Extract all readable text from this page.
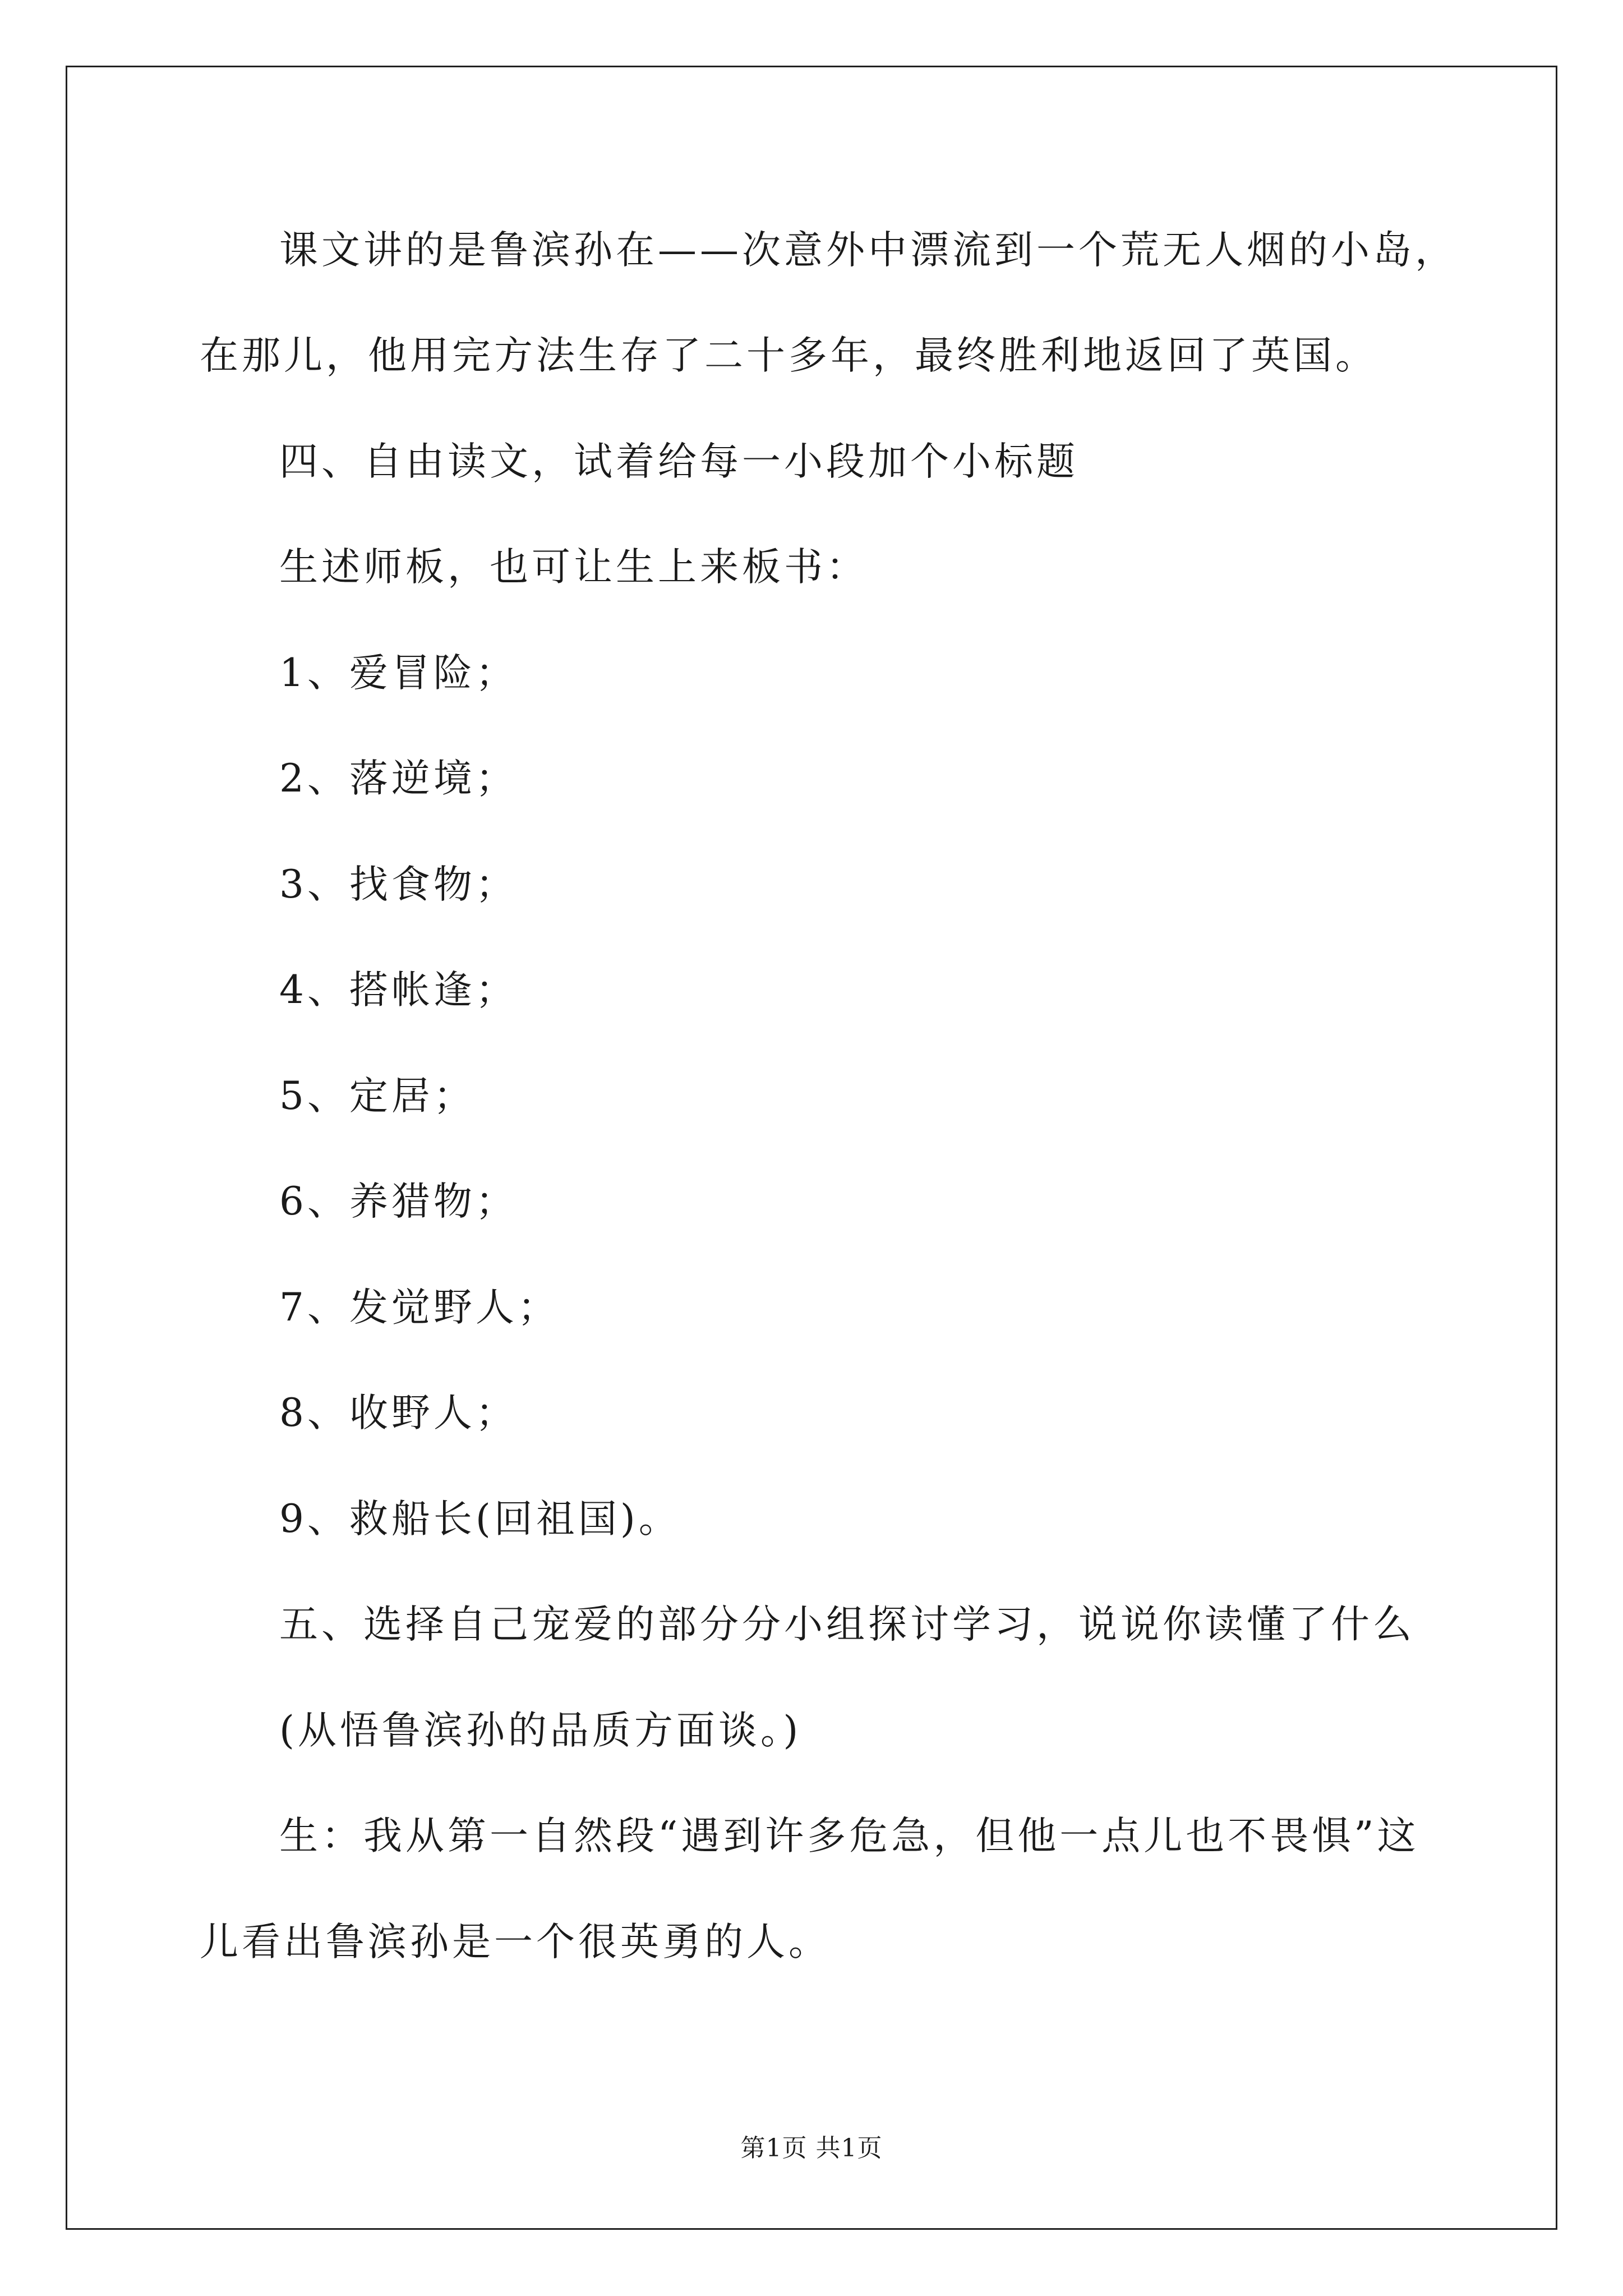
课文讲的是鲁滨孙在——次意外中漂流到一个荒无人烟的小岛，
在那儿，他用完方法生存了二十多年，最终胜利地返回了英国。
四、自由读文，试着给每一小段加个小标题
生述师板，也可让生上来板书：
1、爱冒险；
2、落逆境；
3、找食物；
4、搭帐逢；
5、定居；
6、养猎物；
7、发觉野人；
8、收野人；
9、救船长(回祖国)。
五、选择自己宠爱的部分分小组探讨学习，说说你读懂了什么
(从悟鲁滨孙的品质方面谈。)
生：我从第一自然段“遇到许多危急，但他一点儿也不畏惧”这
儿看出鲁滨孙是一个很英勇的人。
第1页 共1页
